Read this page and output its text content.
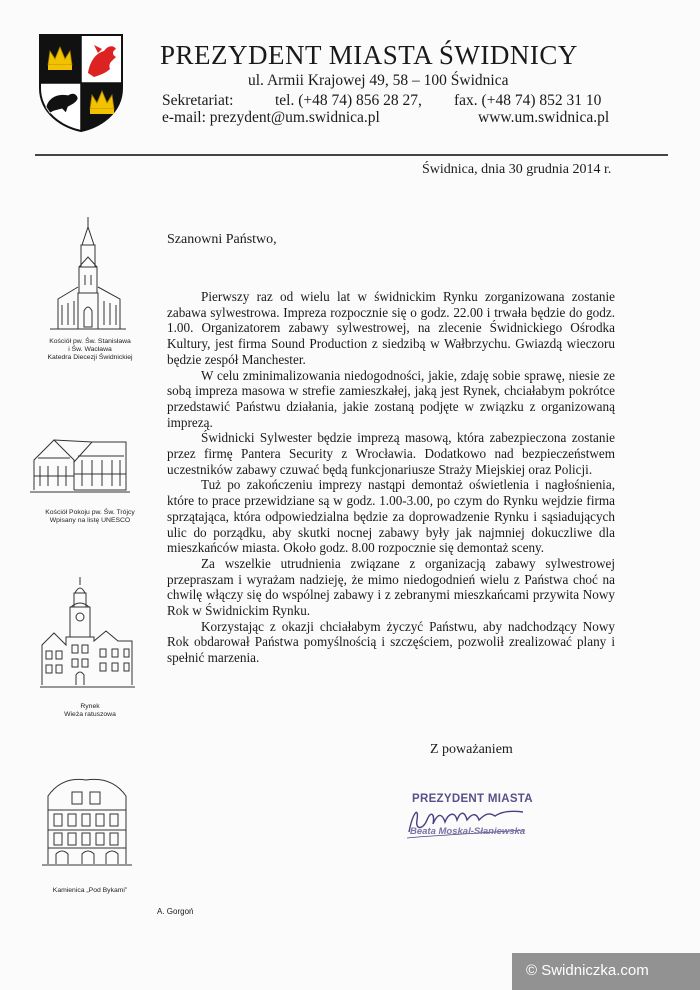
PREZYDENT MIASTA ŚWIDNICY
ul. Armii Krajowej 49, 58 – 100 Świdnica
Sekretariat:	tel. (+48 74) 856 28 27, fax. (+48 74) 852 31 10
e-mail: prezydent@um.swidnica.pl	www.um.swidnica.pl
Świdnica, dnia 30 grudnia 2014 r.
Kościół pw. Św. Stanisława
i Św. Wacława
Katedra Diecezji Świdnickiej
Kościół Pokoju pw. Św. Trójcy
Wpisany na listę UNESCO
Rynek
Wieża ratuszowa
Kamienica „Pod Bykami”
Szanowni Państwo,

Pierwszy raz od wielu lat w świdnickim Rynku zorganizowana zostanie zabawa sylwestrowa. Impreza rozpocznie się o godz. 22.00 i trwała będzie do godz. 1.00. Organizatorem zabawy sylwestrowej, na zlecenie Świdnickiego Ośrodka Kultury, jest firma Sound Production z siedzibą w Wałbrzychu. Gwiazdą wieczoru będzie zespół Manchester.

W celu zminimalizowania niedogodności, jakie, zdaję sobie sprawę, niesie ze sobą impreza masowa w strefie zamieszkałej, jaką jest Rynek, chciałabym pokrótce przedstawić Państwu działania, jakie zostaną podjęte w związku z organizowaną imprezą.

Świdnicki Sylwester będzie imprezą masową, która zabezpieczona zostanie przez firmę Pantera Security z Wrocławia. Dodatkowo nad bezpieczeństwem uczestników zabawy czuwać będą funkcjonariusze Straży Miejskiej oraz Policji.

Tuż po zakończeniu imprezy nastąpi demontaż oświetlenia i nagłośnienia, które to prace przewidziane są w godz. 1.00-3.00, po czym do Rynku wejdzie firma sprzątająca, która odpowiedzialna będzie za doprowadzenie Rynku i sąsiadujących ulic do porządku, aby skutki nocnej zabawy były jak najmniej dokuczliwe dla mieszkańców miasta. Około godz. 8.00 rozpocznie się demontaż sceny.

Za wszelkie utrudnienia związane z organizacją zabawy sylwestrowej przepraszam i wyrażam nadzieję, że mimo niedogodnień wielu z Państwa choć na chwilę włączy się do wspólnej zabawy i z zebranymi mieszkańcami przywita Nowy Rok w Świdnickim Rynku.

Korzystając z okazji chciałabym życzyć Państwu, aby nadchodzący Nowy Rok obdarował Państwa pomyślnością i szczęściem, pozwolił zrealizować plany i spełnić marzenia.

Z poważaniem
PREZYDENT MIASTA
Beata Moskal-Słaniewska
A. Gorgoń
© Swidniczka.com
